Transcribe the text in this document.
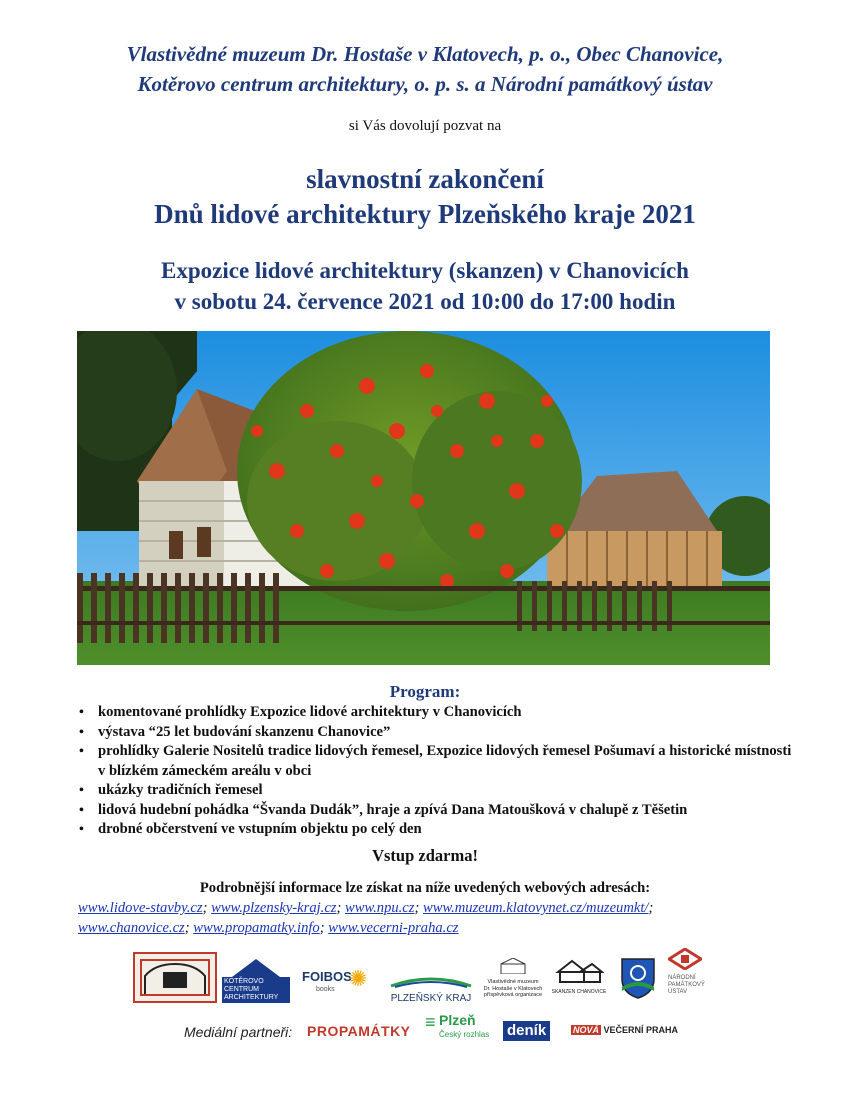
Vlastivědné muzeum Dr. Hostaše v Klatovech, p. o., Obec Chanovice,
Kotěrovo centrum architektury, o. p. s. a Národní památkový ústav
si Vás dovolují pozvat na
slavnostní zakončení
Dnů lidové architektury Plzeňského kraje 2021
Expozice lidové architektury (skanzen) v Chanovicích
v sobotu 24. července 2021 od 10:00 do 17:00 hodin
Program:
• komentované prohlídky Expozice lidové architektury v Chanovicích
• výstava “25 let budování skanzenu Chanovice”
• prohlídky Galerie Nositelů tradice lidových řemesel, Expozice lidových řemesel Pošumaví a historické místnosti v blízkém zámeckém areálu v obci
• ukázky tradičních řemesel
• lidová hudební pohádka “Švanda Dudák”, hraje a zpívá Dana Matoušková v chalupě z Těšetin
• drobné občerstvení ve vstupním objektu po celý den
Vstup zdarma!
Podrobnější informace lze získat na níže uvedených webových adresách:
www.lidove-stavby.cz; www.plzensky-kraj.cz; www.npu.cz; www.muzeum.klatovynet.cz/muzeumkt/;
www.chanovice.cz; www.propamatky.info; www.vecerni-praha.cz
KOTĚROVO
CENTRUM
ARCHITEKTURY
FOIBOS
✺
books
PLZEŇSKÝ KRAJ
Vlastivědné muzeum
Dr. Hostaše v Klatovech
příspěvková organizace	SKANZEN CHANOVICE
NÁRODNÍ
PAMÁTKOVÝ
ÚSTAV
Mediální partneři: PROPAMÁTKY ≡ Plzeň
Český rozhlas deník	NOVÁ VEČERNÍ PRAHA
